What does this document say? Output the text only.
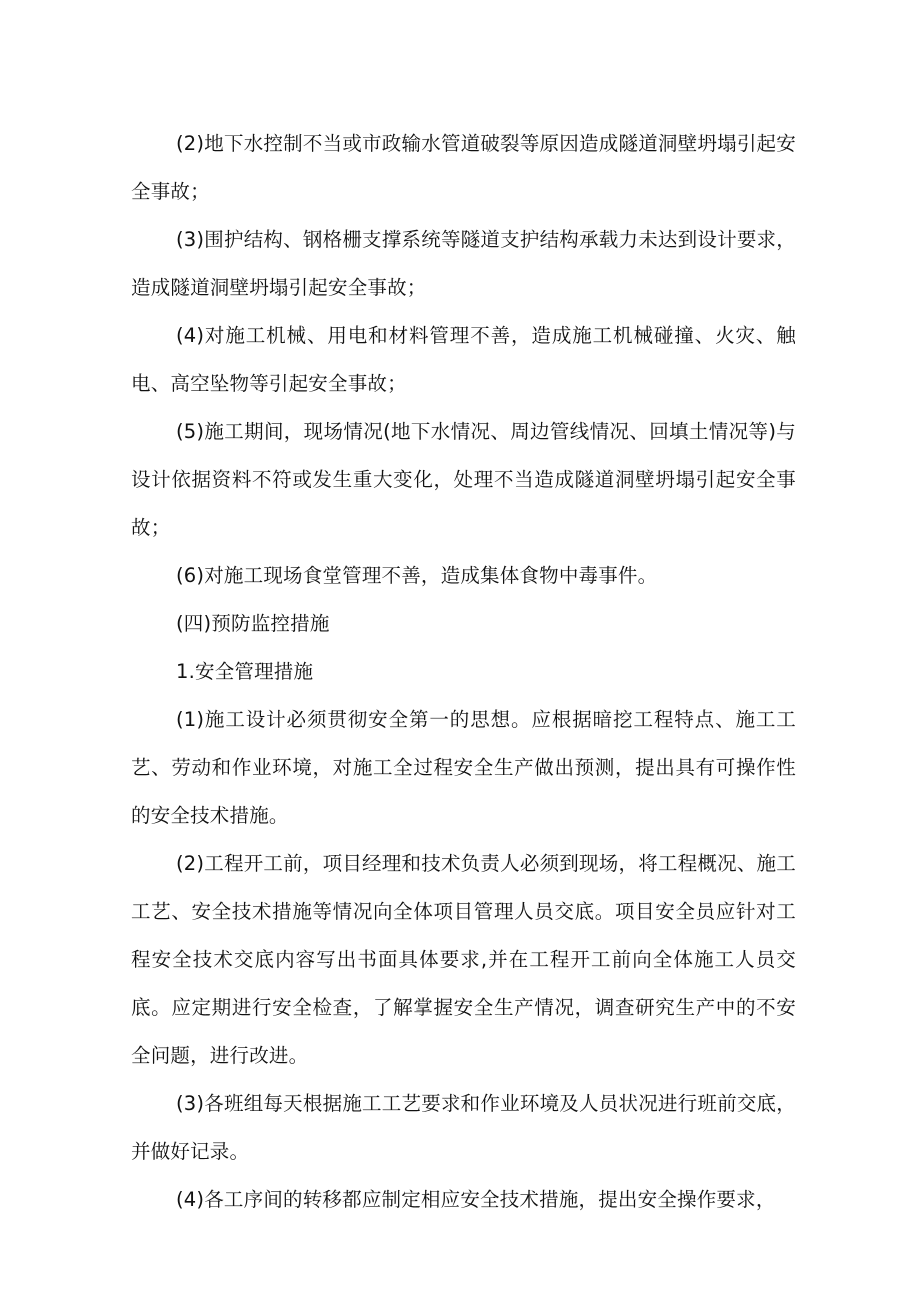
(2)地下水控制不当或市政输水管道破裂等原因造成隧道洞壁坍塌引起安全事故；

(3)围护结构、钢格栅支撑系统等隧道支护结构承载力未达到设计要求，造成隧道洞壁坍塌引起安全事故；

(4)对施工机械、用电和材料管理不善，造成施工机械碰撞、火灾、触电、高空坠物等引起安全事故；

(5)施工期间，现场情况(地下水情况、周边管线情况、回填土情况等)与设计依据资料不符或发生重大变化，处理不当造成隧道洞壁坍塌引起安全事故；

(6)对施工现场食堂管理不善，造成集体食物中毒事件。

(四)预防监控措施

1.安全管理措施

(1)施工设计必须贯彻安全第一的思想。应根据暗挖工程特点、施工工艺、劳动和作业环境，对施工全过程安全生产做出预测，提出具有可操作性的安全技术措施。

(2)工程开工前，项目经理和技术负责人必须到现场，将工程概况、施工工艺、安全技术措施等情况向全体项目管理人员交底。项目安全员应针对工程安全技术交底内容写出书面具体要求,并在工程开工前向全体施工人员交底。应定期进行安全检查，了解掌握安全生产情况，调查研究生产中的不安全问题，进行改进。

(3)各班组每天根据施工工艺要求和作业环境及人员状况进行班前交底，并做好记录。

(4)各工序间的转移都应制定相应安全技术措施，提出安全操作要求，
